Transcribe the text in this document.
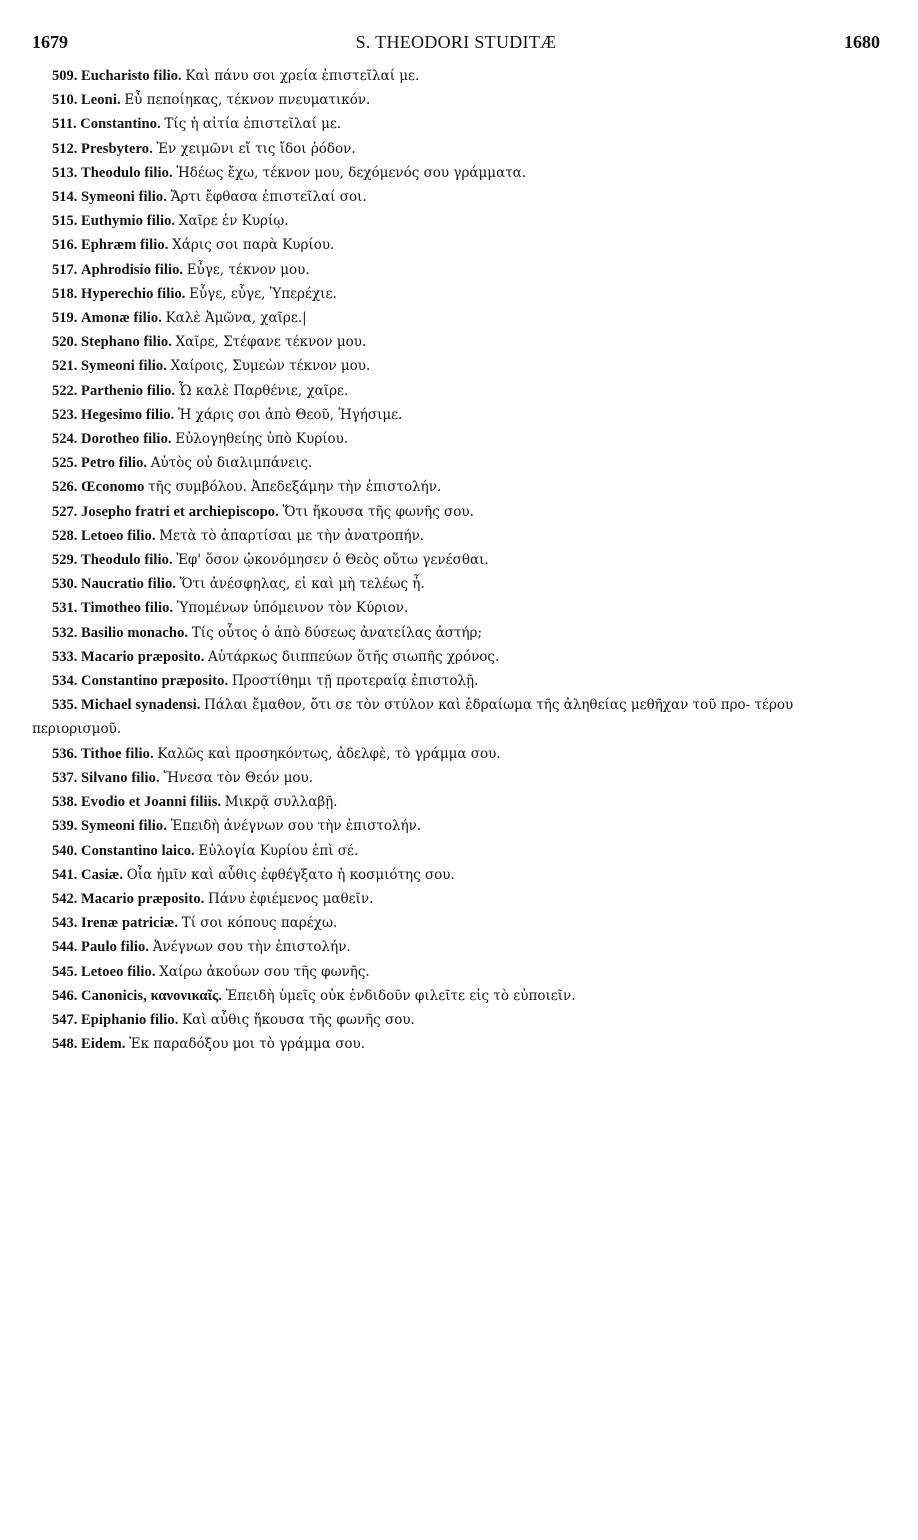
1679	S. THEODORI STUDITÆ	1680
509. Eucharisto filio. Καὶ πάνυ σοι χρεία ἐπιστεῖλαί με.
510. Leoni. Εὖ πεποίηκας, τέκνον πνευματικόν.
511. Constantino. Τίς ἡ αἰτία ἐπιστεῖλαί με.
512. Presbytero. Ἐν χειμῶνι εἴ τις ἴδοι ῥόδον.
513. Theodulo filio. Ἡδέως ἔχω, τέκνον μου, δεχόμενός σου γράμματα.
514. Symeoni filio. Ἄρτι ἔφθασα ἐπιστεῖλαί σοι.
515. Euthymio filio. Χαῖρε ἐν Κυρίῳ.
516. Ephræm filio. Χάρις σοι παρὰ Κυρίου.
517. Aphrodisio filio. Εὖγε, τέκνον μου.
518. Hyperechio filio. Εὖγε, εὖγε, Ὑπερέχιε.
519. Amonæ filio. Καλὲ Ἀμῶνα, χαῖρε.|
520. Stephano filio. Χαῖρε, Στέφανε τέκνον μου.
521. Symeoni filio. Χαίροις, Συμεὼν τέκνον μου.
522. Parthenio filio. Ὦ καλὲ Παρθένιε, χαῖρε.
523. Hegesimo filio. Ἡ χάρις σοι ἀπὸ Θεοῦ, Ἡγήσιμε.
524. Dorotheo filio. Εὐλογηθείης ὑπὸ Κυρίου.
525. Petro filio. Αὐτὸς οὐ διαλιμπάνεις.
526. Œconomo τῆς συμβόλου. Ἀπεδεξάμην τὴν ἐπιστολήν.
527. Josepho fratri et archiepiscopo. Ὅτι ἤκουσα τῆς φωνῆς σου.
528. Letoeo filio. Μετὰ τὸ ἀπαρτίσαι με τὴν ἀνατροπήν.
529. Theodulo filio. Ἐφ' ὅσον ᾠκονόμησεν ὁ Θεὸς οὕτω γενέσθαι.
530. Naucratio filio. Ὅτι ἀνέσφηλας, εἰ καὶ μὴ τελέως ἦ.
531. Timotheo filio. Ὑπομένων ὑπόμεινον τὸν Κύριον.
532. Basilio monacho. Τίς οὗτος ὁ ἀπὸ δύσεως ἀνατείλας ἀστήρ;
533. Macario præposito. Αὐτάρκως διιππεύων ὅτῆς σιωπῆς χρόνος.
534. Constantino præposito. Προστίθημι τῇ προτεραίᾳ ἐπιστολῇ.
535. Michael synadensi. Πάλαι ἔμαθον, ὅτι σε τὸν στύλον καὶ ἑδραίωμα τῆς ἀληθείας μεθῆχαν τοῦ προ- τέρου περιορισμοῦ.
536. Tithoe filio. Καλῶς καὶ προσηκόντως, ἀδελφὲ, τὸ γράμμα σου.
537. Silvano filio. Ἤνεσα τὸν Θεόν μου.
538. Evodio et Joanni filiis. Μικρᾷ συλλαβῇ.
539. Symeoni filio. Ἐπειδὴ ἀνέγνων σου τὴν ἐπιστολήν.
540. Constantino laico. Εὐλογία Κυρίου ἐπὶ σέ.
541. Casiæ. Οἷα ἡμῖν καὶ αὖθις ἐφθέγξατο ἡ κοσμιότης σου.
542. Macario præposito. Πάνυ ἐφιέμενος μαθεῖν.
543. Irenæ patriciæ. Τί σοι κόπους παρέχω.
544. Paulo filio. Ἀνέγνων σου τὴν ἐπιστολήν.
545. Letoeo filio. Χαίρω ἀκούων σου τῆς φωνῆς.
546. Canonicis, κανονικαῖς. Ἐπειδὴ ὑμεῖς οὐκ ἐνδιδοῦν φιλεῖτε εἰς τὸ εὐποιεῖν.
547. Epiphanio filio. Καὶ αὖθις ἤκουσα τῆς φωνῆς σου.
548. Eidem. Ἐκ παραδόξου μοι τὸ γράμμα σου.
